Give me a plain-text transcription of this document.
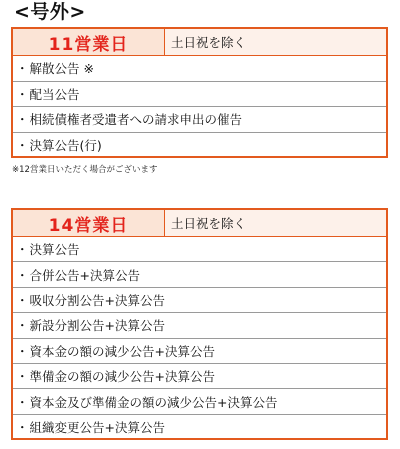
<号外>
11営業日	土日祝を除く
・ 解散公告 ※
・ 配当公告
・ 相続債権者受遺者への請求申出の催告
・ 決算公告(行)
※12営業日いただく場合がございます
14営業日	土日祝を除く
・ 決算公告
・ 合併公告+決算公告
・ 吸収分割公告+決算公告
・ 新設分割公告+決算公告
・ 資本金の額の減少公告+決算公告
・ 準備金の額の減少公告+決算公告
・ 資本金及び準備金の額の減少公告+決算公告
・ 組織変更公告+決算公告
